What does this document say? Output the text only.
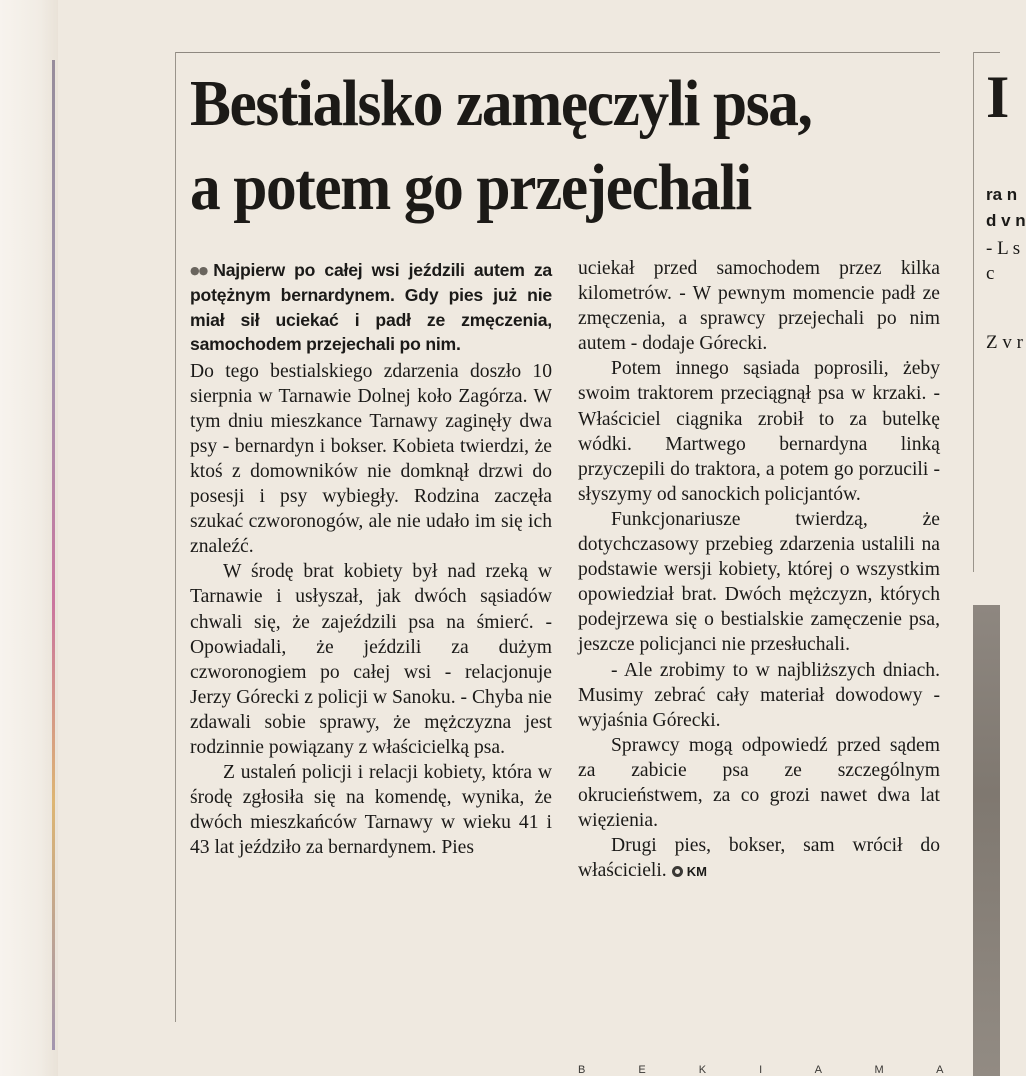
Bestialsko zamęczyli psa,
a potem go przejechali
●● Najpierw po całej wsi jeździli autem za potężnym bernardynem. Gdy pies już nie miał sił uciekać i padł ze zmęczenia, samochodem przejechali po nim.

Do tego bestialskiego zdarzenia doszło 10 sierpnia w Tarnawie Dolnej koło Zagórza. W tym dniu mieszkance Tarnawy zaginęły dwa psy - bernardyn i bokser. Kobieta twierdzi, że ktoś z domowników nie domknął drzwi do posesji i psy wybiegły. Rodzina zaczęła szukać czworonogów, ale nie udało im się ich znaleźć.

W środę brat kobiety był nad rzeką w Tarnawie i usłyszał, jak dwóch sąsiadów chwali się, że zajeździli psa na śmierć. - Opowiadali, że jeździli za dużym czworonogiem po całej wsi - relacjonuje Jerzy Górecki z policji w Sanoku. - Chyba nie zdawali sobie sprawy, że mężczyzna jest rodzinnie powiązany z właścicielką psa.

Z ustaleń policji i relacji kobiety, która w środę zgłosiła się na komendę, wynika, że dwóch mieszkańców Tarnawy w wieku 41 i 43 lat jeździło za bernardynem. Pies

uciekał przed samochodem przez kilka kilometrów. - W pewnym momencie padł ze zmęczenia, a sprawcy przejechali po nim autem - dodaje Górecki.

Potem innego sąsiada poprosili, żeby swoim traktorem przeciągnął psa w krzaki. - Właściciel ciągnika zrobił to za butelkę wódki. Martwego bernardyna linką przyczepili do traktora, a potem go porzucili - słyszymy od sanockich policjantów.

Funkcjonariusze twierdzą, że dotychczasowy przebieg zdarzenia ustalili na podstawie wersji kobiety, której o wszystkim opowiedział brat. Dwóch mężczyzn, których podejrzewa się o bestialskie zamęczenie psa, jeszcze policjanci nie przesłuchali.

- Ale zrobimy to w najbliższych dniach. Musimy zebrać cały materiał dowodowy - wyjaśnia Górecki.

Sprawcy mogą odpowiedź przed sądem za zabicie psa ze szczególnym okrucieństwem, za co grozi nawet dwa lat więzienia.

Drugi pies, bokser, sam wrócił do właścicieli. KM

I
ra n d v n
- L s c
Z v r
B E K I A M A
